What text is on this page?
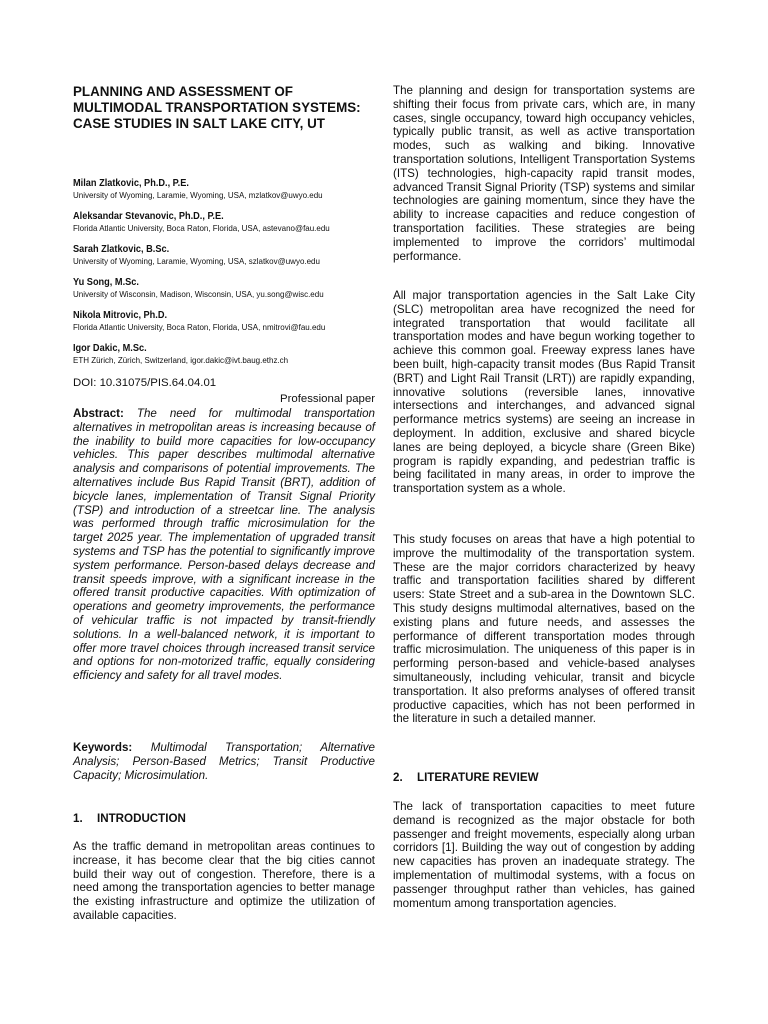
PLANNING AND ASSESSMENT OF MULTIMODAL TRANSPORTATION SYSTEMS: CASE STUDIES IN SALT LAKE CITY, UT
Milan Zlatkovic, Ph.D., P.E.
University of Wyoming, Laramie, Wyoming, USA, mzlatkov@uwyo.edu
Aleksandar Stevanovic, Ph.D., P.E.
Florida Atlantic University, Boca Raton, Florida, USA, astevano@fau.edu
Sarah Zlatkovic, B.Sc.
University of Wyoming, Laramie, Wyoming, USA, szlatkov@uwyo.edu
Yu Song, M.Sc.
University of Wisconsin, Madison, Wisconsin, USA, yu.song@wisc.edu
Nikola Mitrovic, Ph.D.
Florida Atlantic University, Boca Raton, Florida, USA, nmitrovi@fau.edu
Igor Dakic, M.Sc.
ETH Zürich, Zürich, Switzerland, igor.dakic@ivt.baug.ethz.ch
DOI: 10.31075/PIS.64.04.01
Professional paper

Abstract: The need for multimodal transportation alternatives in metropolitan areas is increasing because of the inability to build more capacities for low-occupancy vehicles. This paper describes multimodal alternative analysis and comparisons of potential improvements. The alternatives include Bus Rapid Transit (BRT), addition of bicycle lanes, implementation of Transit Signal Priority (TSP) and introduction of a streetcar line. The analysis was performed through traffic microsimulation for the target 2025 year. The implementation of upgraded transit systems and TSP has the potential to significantly improve system performance. Person-based delays decrease and transit speeds improve, with a significant increase in the offered transit productive capacities. With optimization of operations and geometry improvements, the performance of vehicular traffic is not impacted by transit-friendly solutions. In a well-balanced network, it is important to offer more travel choices through increased transit service and options for non-motorized traffic, equally considering efficiency and safety for all travel modes.

Keywords: Multimodal Transportation; Alternative Analysis; Person-Based Metrics; Transit Productive Capacity; Microsimulation.

1. INTRODUCTION

As the traffic demand in metropolitan areas continues to increase, it has become clear that the big cities cannot build their way out of congestion. Therefore, there is a need among the transportation agencies to better manage the existing infrastructure and optimize the utilization of available capacities.

The planning and design for transportation systems are shifting their focus from private cars, which are, in many cases, single occupancy, toward high occupancy vehicles, typically public transit, as well as active transportation modes, such as walking and biking. Innovative transportation solutions, Intelligent Transportation Systems (ITS) technologies, high-capacity rapid transit modes, advanced Transit Signal Priority (TSP) systems and similar technologies are gaining momentum, since they have the ability to increase capacities and reduce congestion of transportation facilities. These strategies are being implemented to improve the corridors’ multimodal performance.

All major transportation agencies in the Salt Lake City (SLC) metropolitan area have recognized the need for integrated transportation that would facilitate all transportation modes and have begun working together to achieve this common goal. Freeway express lanes have been built, high-capacity transit modes (Bus Rapid Transit (BRT) and Light Rail Transit (LRT)) are rapidly expanding, innovative solutions (reversible lanes, innovative intersections and interchanges, and advanced signal performance metrics systems) are seeing an increase in deployment. In addition, exclusive and shared bicycle lanes are being deployed, a bicycle share (Green Bike) program is rapidly expanding, and pedestrian traffic is being facilitated in many areas, in order to improve the transportation system as a whole.

This study focuses on areas that have a high potential to improve the multimodality of the transportation system. These are the major corridors characterized by heavy traffic and transportation facilities shared by different users: State Street and a sub-area in the Downtown SLC. This study designs multimodal alternatives, based on the existing plans and future needs, and assesses the performance of different transportation modes through traffic microsimulation. The uniqueness of this paper is in performing person-based and vehicle-based analyses simultaneously, including vehicular, transit and bicycle transportation. It also preforms analyses of offered transit productive capacities, which has not been performed in the literature in such a detailed manner.

2. LITERATURE REVIEW

The lack of transportation capacities to meet future demand is recognized as the major obstacle for both passenger and freight movements, especially along urban corridors [1]. Building the way out of congestion by adding new capacities has proven an inadequate strategy. The implementation of multimodal systems, with a focus on passenger throughput rather than vehicles, has gained momentum among transportation agencies.
